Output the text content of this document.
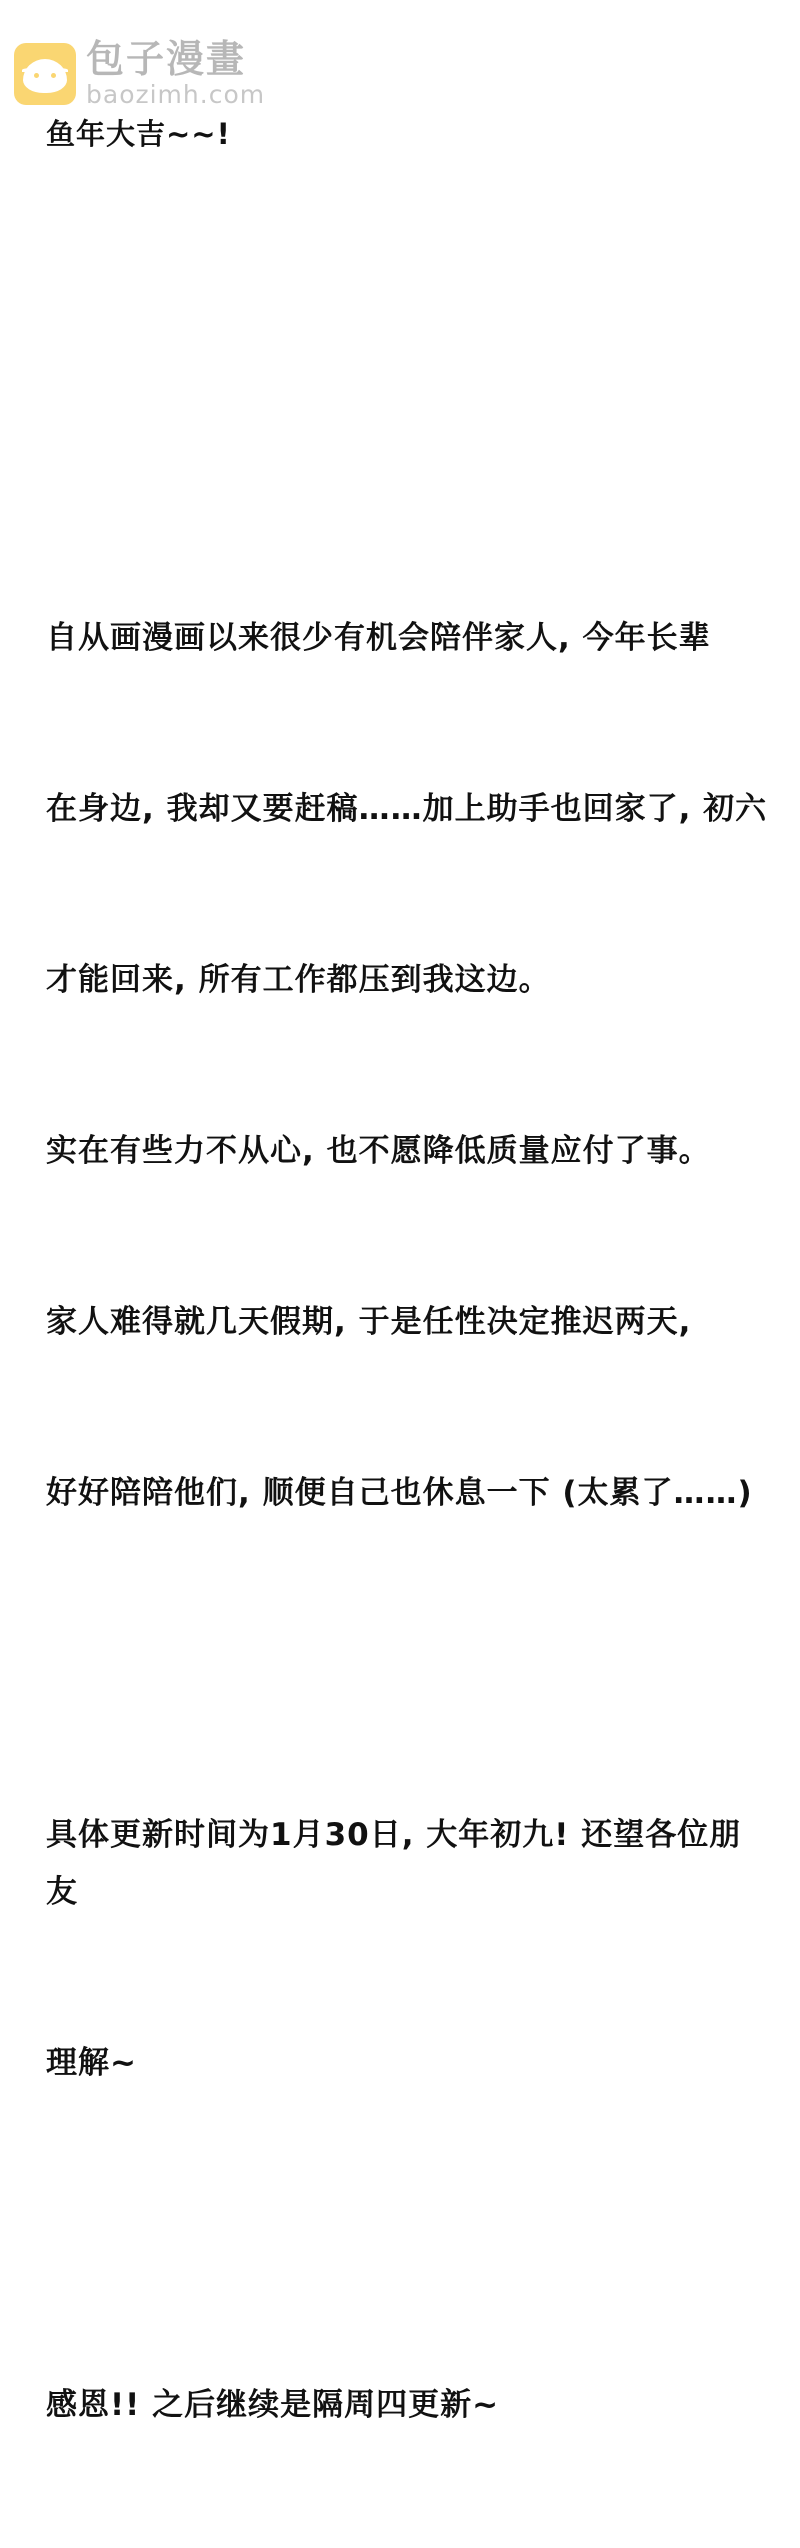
鱼年大吉~~!

自从画漫画以来很少有机会陪伴家人, 今年长辈

在身边, 我却又要赶稿……加上助手也回家了, 初六

才能回来, 所有工作都压到我这边。

实在有些力不从心, 也不愿降低质量应付了事。

家人难得就几天假期, 于是任性决定推迟两天,

好好陪陪他们, 顺便自己也休息一下 (太累了……)

具体更新时间为1月30日, 大年初九! 还望各位朋友

理解~

感恩!! 之后继续是隔周四更新~

包子漫畫
baozimh.com
